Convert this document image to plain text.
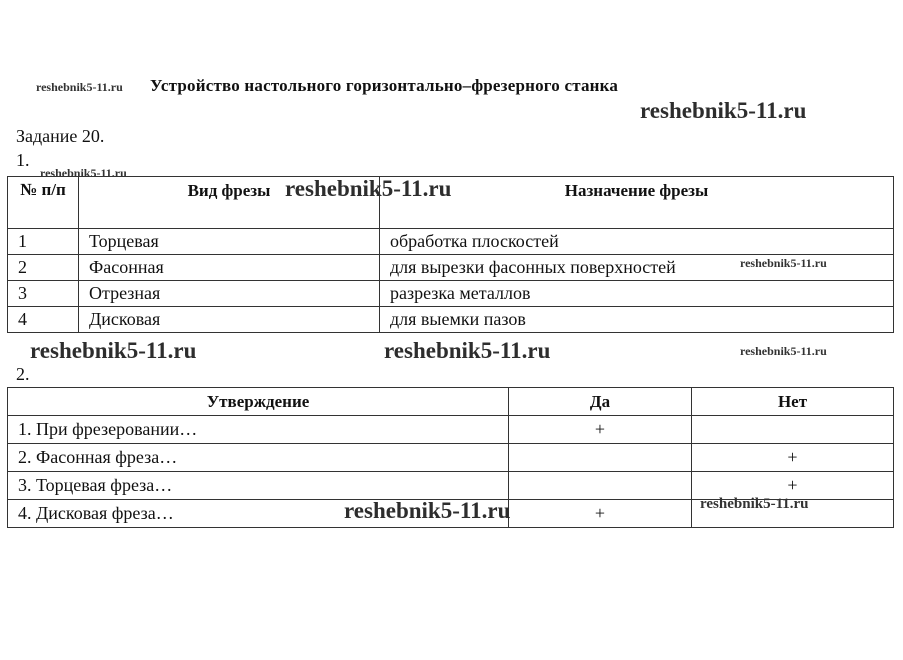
Устройство настольного горизонтально–фрезерного станка
Задание 20.
1.
2.
№ п/п	Вид фрезы	Назначение фрезы
1	Торцевая	обработка плоскостей
2	Фасонная	для вырезки фасонных поверхностей
3	Отрезная	разрезка металлов
4	Дисковая	для выемки пазов
Утверждение	Да	Нет
1. При фрезеровании…	+	
2. Фасонная фреза…		+
3. Торцевая фреза…		+
4. Дисковая фреза…	+	
reshebnik5-11.ru
reshebnik5-11.ru
reshebnik5-11.ru
reshebnik5-11.ru
reshebnik5-11.ru
reshebnik5-11.ru	reshebnik5-11.ru	reshebnik5-11.ru
reshebnik5-11.ru	reshebnik5-11.ru
